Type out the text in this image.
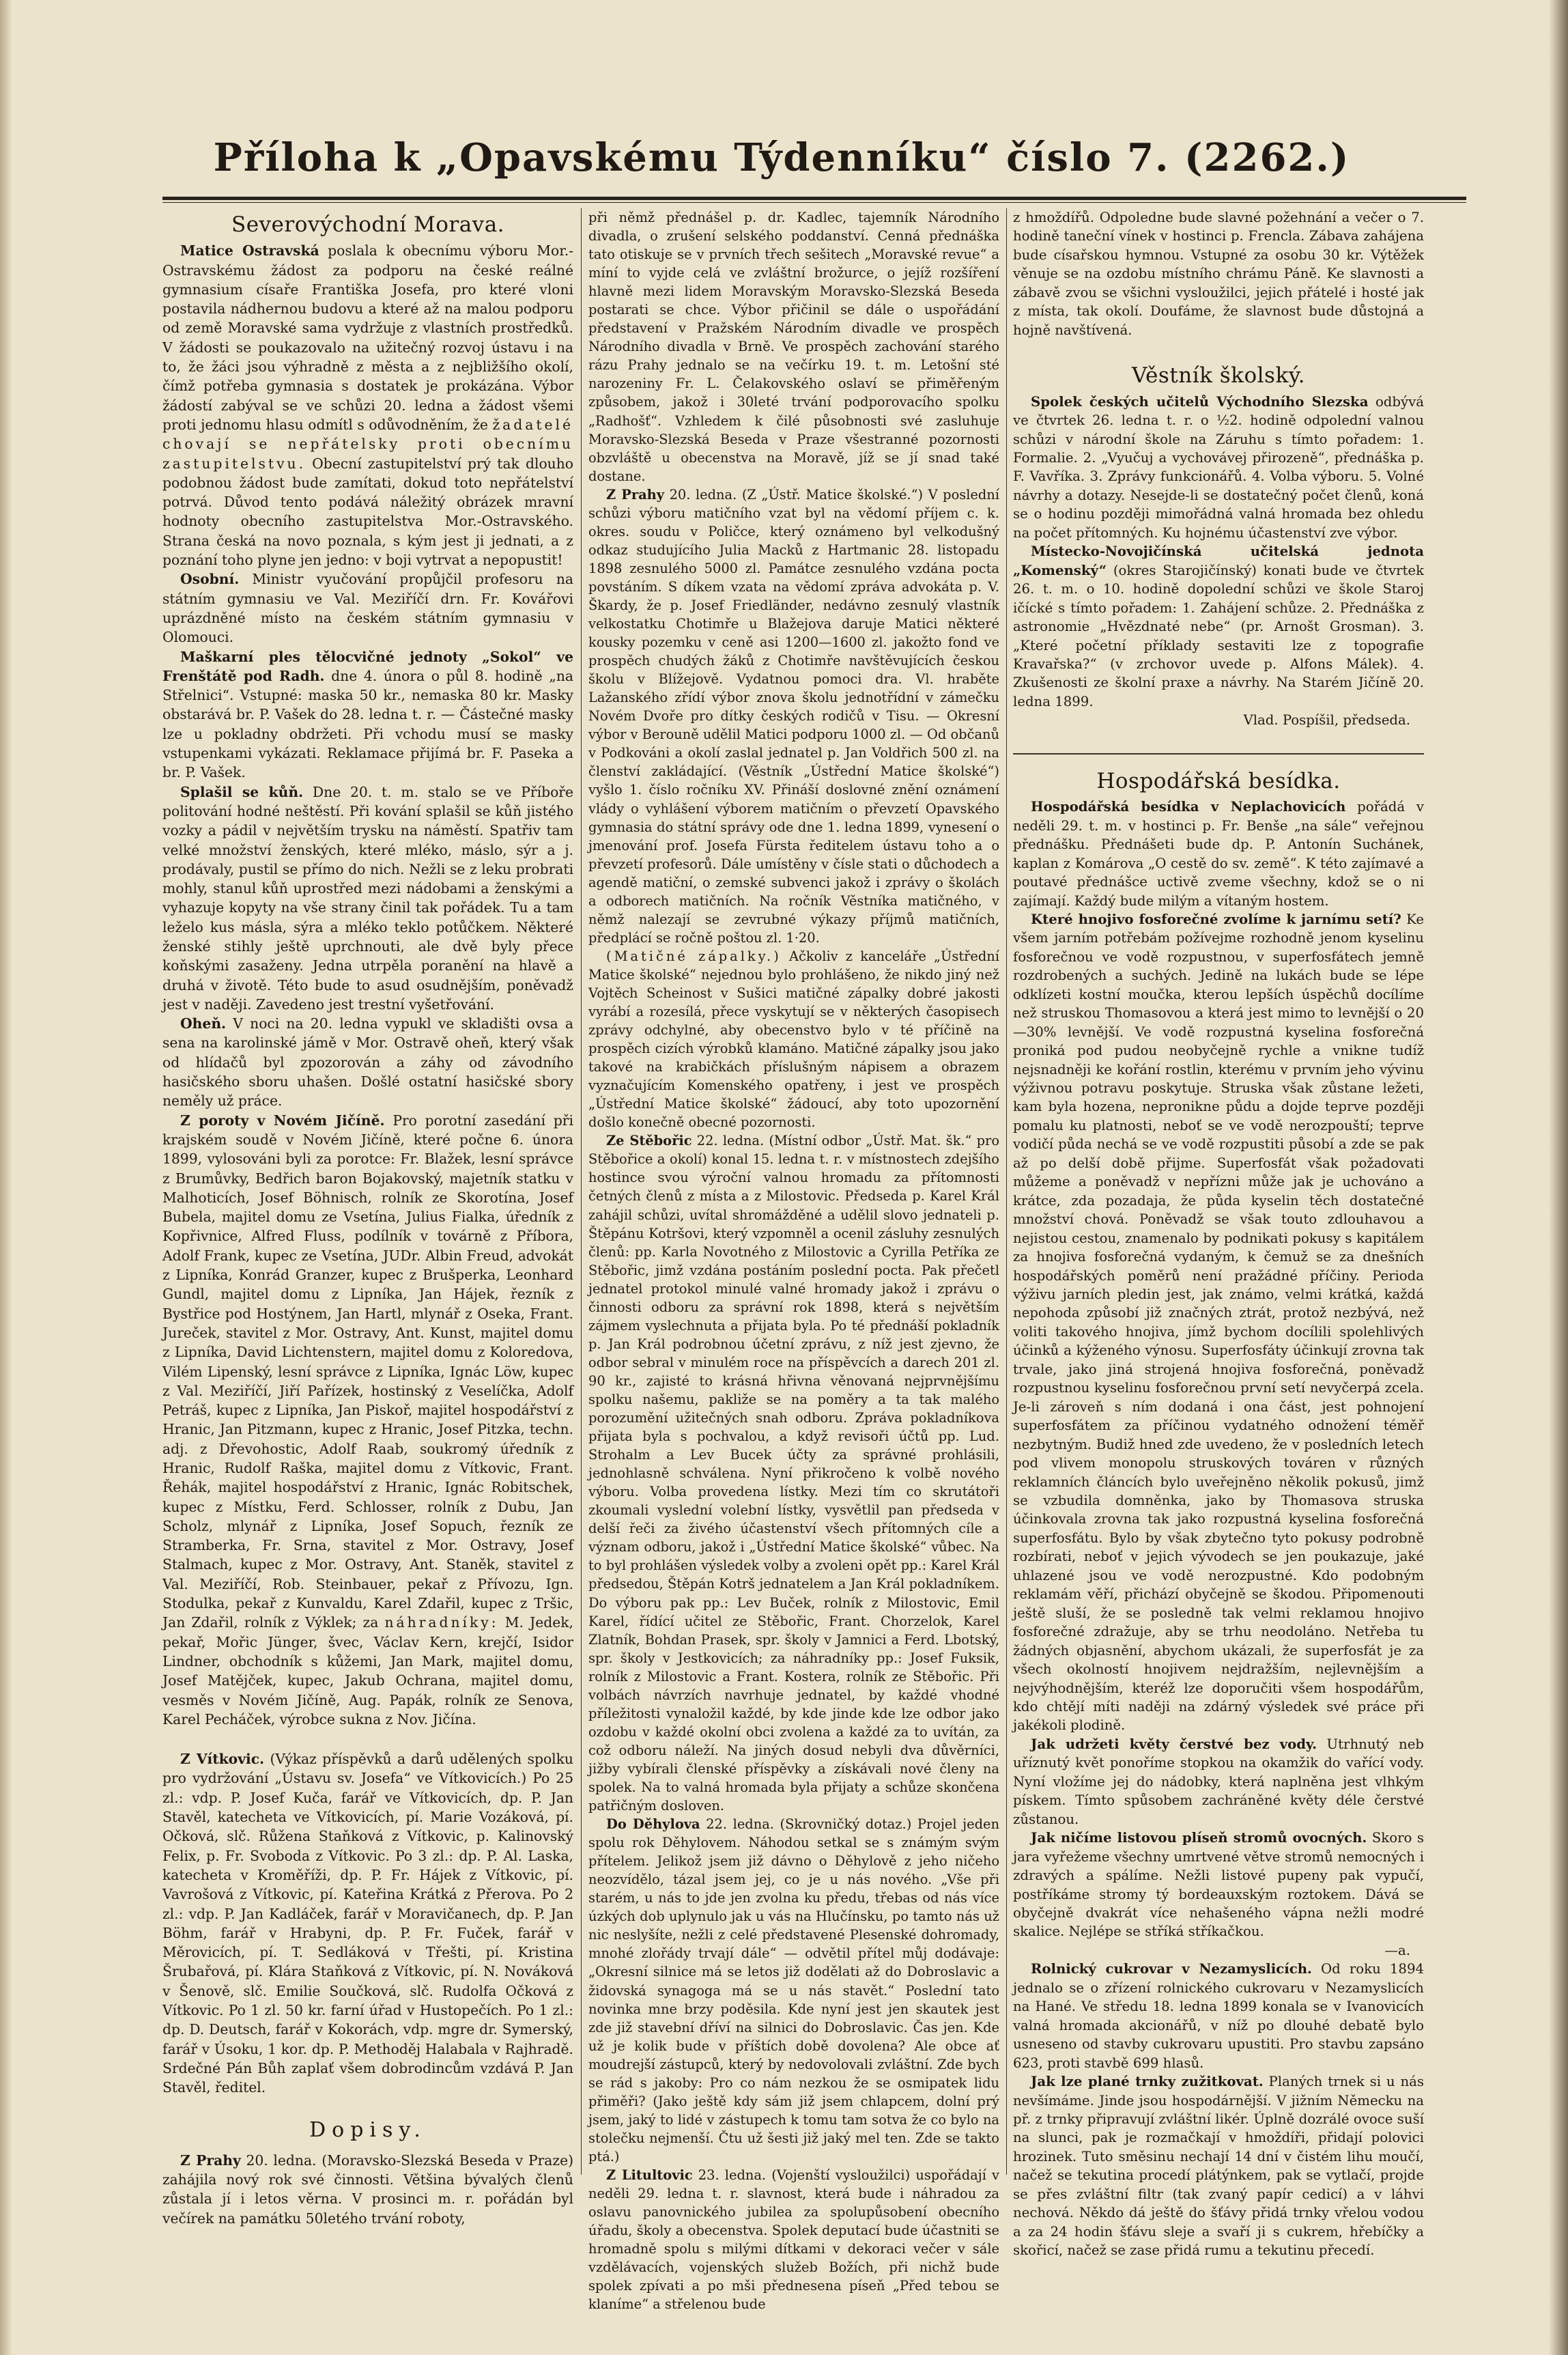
Příloha k „Opavskému Týdenníku“ číslo 7. (2262.)
Severovýchodní Morava.

Matice Ostravská poslala k obecnímu výboru Mor.-Ostravskému žádost za podporu na české reálné gymnasium císaře Františka Josefa, pro které vloni postavila nádhernou budovu a které až na malou podporu od země Moravské sama vydržuje z vlastních prostředků. V žádosti se poukazovalo na užitečný rozvoj ústavu i na to, že žáci jsou výhradně z města a z nejbližšího okolí, čímž potřeba gymnasia s dostatek je prokázána. Výbor žádostí zabýval se ve schůzi 20. ledna a žádost všemi proti jednomu hlasu odmítl s odůvodněním, že žadatelé chovají se nepřátelsky proti obecnímu zastupitelstvu. Obecní zastupitelství prý tak dlouho podobnou žádost bude zamítati, dokud toto nepřátelství potrvá. Důvod tento podává náležitý obrázek mravní hodnoty obecního zastupitelstva Mor.-Ostravského. Strana česká na novo poznala, s kým jest ji jednati, a z poznání toho plyne jen jedno: v boji vytrvat a nepopustit!

Osobní. Ministr vyučování propůjčil profesoru na státním gymnasiu ve Val. Meziříčí drn. Fr. Kovářovi uprázdněné místo na českém státním gymnasiu v Olomouci.

Maškarní ples tělocvičné jednoty „Sokol“ ve Frenštátě pod Radh. dne 4. února o půl 8. hodině „na Střelnici“. Vstupné: maska 50 kr., nemaska 80 kr. Masky obstarává br. P. Vašek do 28. ledna t. r. — Částečné masky lze u pokladny obdržeti. Při vchodu musí se masky vstupenkami vykázati. Reklamace přijímá br. F. Paseka a br. P. Vašek.

Splašil se kůň. Dne 20. t. m. stalo se ve Příboře politování hodné neštěstí. Při kování splašil se kůň jistého vozky a pádil v největším trysku na náměstí. Spatřiv tam velké množství ženských, které mléko, máslo, sýr a j. prodávaly, pustil se přímo do nich. Nežli se z leku probrati mohly, stanul kůň uprostřed mezi nádobami a ženskými a vyhazuje kopyty na vše strany činil tak pořádek. Tu a tam leželo kus másla, sýra a mléko teklo potůčkem. Některé ženské stihly ještě uprchnouti, ale dvě byly přece koňskými zasaženy. Jedna utrpěla poranění na hlavě a druhá v životě. Této bude to asud osudnějším, poněvadž jest v naději. Zavedeno jest trestní vyšetřování.

Oheň. V noci na 20. ledna vypukl ve skladišti ovsa a sena na karolinské jámě v Mor. Ostravě oheň, který však od hlídačů byl zpozorován a záhy od závodního hasičského sboru uhašen. Došlé ostatní hasičské sbory neměly už práce.

Z poroty v Novém Jičíně. Pro porotní zasedání při krajském soudě v Novém Jičíně, které počne 6. února 1899, vylosováni byli za porotce: Fr. Blažek, lesní správce z Brumůvky, Bedřich baron Bojakovský, majetník statku v Malhoticích, Josef Böhnisch, rolník ze Skorotína, Josef Bubela, majitel domu ze Vsetína, Julius Fialka, úředník z Kopřivnice, Alfred Fluss, podílník v továrně z Příbora, Adolf Frank, kupec ze Vsetína, JUDr. Albin Freud, advokát z Lipníka, Konrád Granzer, kupec z Brušperka, Leonhard Gundl, majitel domu z Lipníka, Jan Hájek, řezník z Bystřice pod Hostýnem, Jan Hartl, mlynář z Oseka, Frant. Jureček, stavitel z Mor. Ostravy, Ant. Kunst, majitel domu z Lipníka, David Lichtenstern, majitel domu z Koloredova, Vilém Lipenský, lesní správce z Lipníka, Ignác Löw, kupec z Val. Meziříčí, Jiří Pařízek, hostinský z Veselíčka, Adolf Petráš, kupec z Lipníka, Jan Piskoř, majitel hospodářství z Hranic, Jan Pitzmann, kupec z Hranic, Josef Pitzka, techn. adj. z Dřevohostic, Adolf Raab, soukromý úředník z Hranic, Rudolf Raška, majitel domu z Vítkovic, Frant. Řehák, majitel hospodářství z Hranic, Ignác Robitschek, kupec z Místku, Ferd. Schlosser, rolník z Dubu, Jan Scholz, mlynář z Lipníka, Josef Sopuch, řezník ze Stramberka, Fr. Srna, stavitel z Mor. Ostravy, Josef Stalmach, kupec z Mor. Ostravy, Ant. Staněk, stavitel z Val. Meziříčí, Rob. Steinbauer, pekař z Přívozu, Ign. Stodulka, pekař z Kunvaldu, Karel Zdařil, kupec z Tršic, Jan Zdařil, rolník z Výklek; za náhradníky: M. Jedek, pekař, Mořic Jünger, švec, Václav Kern, krejčí, Isidor Lindner, obchodník s kůžemi, Jan Mark, majitel domu, Josef Matějček, kupec, Jakub Ochrana, majitel domu, vesměs v Novém Jičíně, Aug. Papák, rolník ze Senova, Karel Pecháček, výrobce sukna z Nov. Jičína.

Z Vítkovic. (Výkaz příspěvků a darů udělených spolku pro vydržování „Ústavu sv. Josefa“ ve Vítkovicích.) Po 25 zl.: vdp. P. Josef Kuča, farář ve Vítkovicích, dp. P. Jan Stavěl, katecheta ve Vítkovicích, pí. Marie Vozáková, pí. Očková, slč. Růžena Staňková z Vítkovic, p. Kalinovský Felix, p. Fr. Svoboda z Vítkovic. Po 3 zl.: dp. P. Al. Laska, katecheta v Kroměříži, dp. P. Fr. Hájek z Vítkovic, pí. Vavrošová z Vítkovic, pí. Kateřina Krátká z Přerova. Po 2 zl.: vdp. P. Jan Kadláček, farář v Moravičanech, dp. P. Jan Böhm, farář v Hrabyni, dp. P. Fr. Fuček, farář v Měrovicích, pí. T. Sedláková v Třešti, pí. Kristina Šrubařová, pí. Klára Staňková z Vítkovic, pí. N. Nováková v Šenově, slč. Emilie Součková, slč. Rudolfa Očková z Vítkovic. Po 1 zl. 50 kr. farní úřad v Hustopečích. Po 1 zl.: dp. D. Deutsch, farář v Kokorách, vdp. mgre dr. Symerský, farář v Úsoku, 1 kor. dp. P. Methoděj Halabala v Rajhradě. Srdečné Pán Bůh zaplať všem dobrodincům vzdává P. Jan Stavěl, ředitel.

Dopisy.

Z Prahy 20. ledna. (Moravsko-Slezská Beseda v Praze) zahájila nový rok své činnosti. Většina bývalých členů zůstala jí i letos věrna. V prosinci m. r. pořádán byl večírek na památku 50letého trvání roboty,

při němž přednášel p. dr. Kadlec, tajemník Národního divadla, o zrušení selského poddanství. Cenná přednáška tato otiskuje se v prvních třech sešitech „Moravské revue“ a míní to vyjde celá ve zvláštní brožurce, o jejíž rozšíření hlavně mezi lidem Moravským Moravsko-Slezská Beseda postarati se chce. Výbor přičinil se dále o uspořádání představení v Pražském Národním divadle ve prospěch Národního divadla v Brně. Ve prospěch zachování starého rázu Prahy jednalo se na večírku 19. t. m. Letošní sté narozeniny Fr. L. Čelakovského oslaví se přiměřeným způsobem, jakož i 30leté trvání podporovacího spolku „Radhošť“. Vzhledem k čilé působnosti své zasluhuje Moravsko-Slezská Beseda v Praze všestranné pozornosti obzvláště u obecenstva na Moravě, jíž se jí snad také dostane.

Z Prahy 20. ledna. (Z „Ústř. Matice školské.“) V poslední schůzi výboru matičního vzat byl na vědomí příjem c. k. okres. soudu v Poličce, který oznámeno byl velkodušný odkaz studujícího Julia Macků z Hartmanic 28. listopadu 1898 zesnulého 5000 zl. Památce zesnulého vzdána pocta povstáním. S díkem vzata na vědomí zpráva advokáta p. V. Škardy, že p. Josef Friedländer, nedávno zesnulý vlastník velkostatku Chotimře u Blažejova daruje Matici některé kousky pozemku v ceně asi 1200—1600 zl. jakožto fond ve prospěch chudých žáků z Chotimře navštěvujících českou školu v Blížejově. Vydatnou pomoci dra. Vl. hraběte Lažanského zřídí výbor znova školu jednotřídní v zámečku Novém Dvoře pro dítky českých rodičů v Tisu. — Okresní výbor v Berouně udělil Matici podporu 1000 zl. — Od občanů v Podkováni a okolí zaslal jednatel p. Jan Voldřich 500 zl. na členství zakládající. (Věstník „Ústřední Matice školské“) vyšlo 1. číslo ročníku XV. Přináší doslovné znění oznámení vlády o vyhlášení výborem matičním o převzetí Opavského gymnasia do státní správy ode dne 1. ledna 1899, vynesení o jmenování prof. Josefa Fürsta ředitelem ústavu toho a o převzetí profesorů. Dále umístěny v čísle stati o důchodech a agendě matiční, o zemské subvenci jakož i zprávy o školách a odborech matičních. Na ročník Věstníka matičného, v němž nalezají se zevrubné výkazy příjmů matičních, předplácí se ročně poštou zl. 1·20.

(Matičné zápalky.) Ačkoliv z kanceláře „Ústřední Matice školské“ nejednou bylo prohlášeno, že nikdo jiný než Vojtěch Scheinost v Sušici matičné zápalky dobré jakosti vyrábí a rozesílá, přece vyskytují se v některých časopisech zprávy odchylné, aby obecenstvo bylo v té příčině na prospěch cizích výrobků klamáno. Matičné zápalky jsou jako takové na krabičkách příslušným nápisem a obrazem vyznačujícím Komenského opatřeny, i jest ve prospěch „Ústřední Matice školské“ žádoucí, aby toto upozornění došlo konečně obecné pozornosti.

Ze Stěbořic 22. ledna. (Místní odbor „Ústř. Mat. šk.“ pro Stěbořice a okolí) konal 15. ledna t. r. v místnostech zdejšího hostince svou výroční valnou hromadu za přítomnosti četných členů z místa a z Milostovic. Předseda p. Karel Král zahájil schůzi, uvítal shromážděné a udělil slovo jednateli p. Štěpánu Kotršovi, který vzpomněl a ocenil zásluhy zesnulých členů: pp. Karla Novotného z Milostovic a Cyrilla Petříka ze Stěbořic, jimž vzdána postáním poslední pocta. Pak přečetl jednatel protokol minulé valné hromady jakož i zprávu o činnosti odboru za správní rok 1898, která s největším zájmem vyslechnuta a přijata byla. Po té přednáší pokladník p. Jan Král podrobnou účetní zprávu, z níž jest zjevno, že odbor sebral v minulém roce na příspěvcích a darech 201 zl. 90 kr., zajisté to krásná hřivna věnovaná nejprvnějšímu spolku našemu, pakliže se na poměry a ta tak malého porozumění užitečných snah odboru. Zpráva pokladníkova přijata byla s pochvalou, a když revisoři účtů pp. Lud. Strohalm a Lev Bucek účty za správné prohlásili, jednohlasně schválena. Nyní přikročeno k volbě nového výboru. Volba provedena lístky. Mezi tím co skrutátoři zkoumali vyslední volební lístky, vysvětlil pan předseda v delší řeči za živého účastenství všech přítomných cíle a význam odboru, jakož i „Ústřední Matice školské“ vůbec. Na to byl prohlášen výsledek volby a zvoleni opět pp.: Karel Král předsedou, Štěpán Kotrš jednatelem a Jan Král pokladníkem. Do výboru pak pp.: Lev Buček, rolník z Milostovic, Emil Karel, řídící učitel ze Stěbořic, Frant. Chorzelok, Karel Zlatník, Bohdan Prasek, spr. školy v Jamnici a Ferd. Lbotský, spr. školy v Jestkovicích; za náhradníky pp.: Josef Fuksik, rolník z Milostovic a Frant. Kostera, rolník ze Stěbořic. Při volbách návrzích navrhuje jednatel, by každé vhodné příležitosti vynaložil každé, by kde jinde kde lze odbor jako ozdobu v každé okolní obci zvolena a každé za to uvítán, za což odboru náleží. Na jiných dosud nebyli dva důvěrníci, jižby vybírali členské příspěvky a získávali nové členy na spolek. Na to valná hromada byla přijaty a schůze skončena patřičným dosloven.

Do Děhylova 22. ledna. (Skrovničký dotaz.) Projel jeden spolu rok Děhylovem. Náhodou setkal se s známým svým přítelem. Jelikož jsem již dávno o Děhylově z jeho ničeho neozvídělo, tázal jsem jej, co je u nás nového. „Vše při starém, u nás to jde jen zvolna ku předu, třebas od nás více úzkých dob uplynulo jak u vás na Hlučínsku, po tamto nás už nic neslyšíte, nežli z celé představené Plesenské dohromady, mnohé zlořády trvají dále“ — odvětil přítel můj dodávaje: „Okresní silnice má se letos již dodělati až do Dobroslavic a židovská synagoga má se u nás stavět.“ Poslední tato novinka mne brzy poděsila. Kde nyní jest jen skautek jest zde již stavební dříví na silnici do Dobroslavic. Čas jen. Kde už je kolik bude v příštích době dovolena? Ale obce ať moudrejší zástupců, který by nedovolovali zvláštní. Zde bych se rád s jakoby: Pro co nám nezkou že se osmipatek lidu přiměři? (Jako ještě kdy sám již jsem chlapcem, dolní prý jsem, jaký to lidé v zástupech k tomu tam sotva že co bylo na stolečku nejmenší. Čtu už šesti již jaký mel ten. Zde se takto ptá.)

Z Litultovic 23. ledna. (Vojenští vysloužilci) uspořádají v neděli 29. ledna t. r. slavnost, která bude i náhradou za oslavu panovnického jubilea za spolupůsobení obecního úřadu, školy a obecenstva. Spolek deputací bude účastniti se hromadně spolu s milými dítkami v dekoraci večer v sále vzdělávacích, vojenských služeb Božích, při nichž bude spolek zpívati a po mši přednesena píseň „Před tebou se klaníme“ a střelenou bude

z hmoždířů. Odpoledne bude slavné požehnání a večer o 7. hodině taneční vínek v hostinci p. Frencla. Zábava zahájena bude císařskou hymnou. Vstupné za osobu 30 kr. Výtěžek věnuje se na ozdobu místního chrámu Páně. Ke slavnosti a zábavě zvou se všichni vysloužilci, jejich přátelé i hosté jak z místa, tak okolí. Doufáme, že slavnost bude důstojná a hojně navštívená.

Věstník školský.

Spolek českých učitelů Východního Slezska odbývá ve čtvrtek 26. ledna t. r. o ½2. hodině odpolední valnou schůzi v národní škole na Záruhu s tímto pořadem: 1. Formalie. 2. „Vyučuj a vychovávej přirozeně“, přednáška p. F. Vavříka. 3. Zprávy funkcionářů. 4. Volba výboru. 5. Volné návrhy a dotazy. Nesejde-li se dostatečný počet členů, koná se o hodinu později mimořádná valná hromada bez ohledu na počet přítomných. Ku hojnému účastenství zve výbor.

Místecko-Novojičínská učitelská jednota „Komenský“ (okres Starojičínský) konati bude ve čtvrtek 26. t. m. o 10. hodině dopolední schůzi ve škole Staroj ičícké s tímto pořadem: 1. Zahájení schůze. 2. Přednáška z astronomie „Hvězdnaté nebe“ (pr. Arnošt Grosman). 3. „Které početní příklady sestaviti lze z topografie Kravařska?“ (v zrchovor uvede p. Alfons Málek). 4. Zkušenosti ze školní praxe a návrhy. Na Starém Jičíně 20. ledna 1899.

Vlad. Pospíšil, předseda.

Hospodářská besídka.

Hospodářská besídka v Neplachovicích pořádá v neděli 29. t. m. v hostinci p. Fr. Benše „na sále“ veřejnou přednášku. Přednášeti bude dp. P. Antonín Suchánek, kaplan z Komárova „O cestě do sv. země“. K této zajímavé a poutavé přednášce uctivě zveme všechny, kdož se o ni zajímají. Každý bude milým a vítaným hostem.

Které hnojivo fosforečné zvolíme k jarnímu setí? Ke všem jarním potřebám požívejme rozhodně jenom kyselinu fosforečnou ve vodě rozpustnou, v superfosfátech jemně rozdrobených a suchých. Jedině na lukách bude se lépe odklízeti kostní moučka, kterou lepších úspěchů docílíme než struskou Thomasovou a která jest mimo to levnější o 20—30% levnější. Ve vodě rozpustná kyselina fosforečná proniká pod pudou neobyčejně rychle a vnikne tudíž nejsnadněji ke kořání rostlin, kterému v prvním jeho vývinu výživnou potravu poskytuje. Struska však zůstane ležeti, kam byla hozena, nepronikne půdu a dojde teprve později pomalu ku platnosti, neboť se ve vodě nerozpouští; teprve vodičí půda nechá se ve vodě rozpustiti působí a zde se pak až po delší době přijme. Superfosfát však požadovati můžeme a poněvadž v nepřízni může jak je uchováno a krátce, zda pozadaja, že půda kyselin těch dostatečné množství chová. Poněvadž se však touto zdlouhavou a nejistou cestou, znamenalo by podnikati pokusy s kapitálem za hnojiva fosforečná vydaným, k čemuž se za dnešních hospodářských poměrů není pražádné příčiny. Perioda výživu jarních pledin jest, jak známo, velmi krátká, každá nepohoda způsobí již značných ztrát, protož nezbývá, než voliti takového hnojiva, jímž bychom docílili spolehlivých účinků a kýženého výnosu. Superfosfáty účinkují zrovna tak trvale, jako jiná strojená hnojiva fosforečná, poněvadž rozpustnou kyselinu fosforečnou první setí nevyčerpá zcela. Je-li zároveň s ním dodaná i ona část, jest pohnojení superfosfátem za příčinou vydatného odnožení téměř nezbytným. Budiž hned zde uvedeno, že v posledních letech pod vlivem monopolu struskových továren v různých reklamních článcích bylo uveřejněno několik pokusů, jimž se vzbudila domněnka, jako by Thomasova struska účinkovala zrovna tak jako rozpustná kyselina fosforečná superfosfátu. Bylo by však zbytečno tyto pokusy podrobně rozbírati, neboť v jejich vývodech se jen poukazuje, jaké uhlazené jsou ve vodě nerozpustné. Kdo podobným reklamám věří, přichází obyčejně se škodou. Připomenouti ještě sluší, že se posledně tak velmi reklamou hnojivo fosforečné zdražuje, aby se trhu neodoláno. Netřeba tu žádných objasnění, abychom ukázali, že superfosfát je za všech okolností hnojivem nejdražším, nejlevnějším a nejvýhodnějším, kteréž lze doporučiti všem hospodářům, kdo chtějí míti naději na zdárný výsledek své práce při jakékoli plodině.

Jak udržeti květy čerstvé bez vody. Utrhnutý neb uříznutý květ ponoříme stopkou na okamžik do vařící vody. Nyní vložíme jej do nádobky, která naplněna jest vlhkým pískem. Tímto spůsobem zachráněné květy déle čerstvé zůstanou.

Jak ničíme listovou plíseň stromů ovocných. Skoro s jara vyřežeme všechny umrtvené větve stromů nemocných i zdravých a spálíme. Nežli listové pupeny pak vypučí, postříkáme stromy tý bordeauxským roztokem. Dává se obyčejně dvakrát více nehašeného vápna nežli modré skalice. Nejlépe se stříká stříkačkou.

—a.

Rolnický cukrovar v Nezamyslicích. Od roku 1894 jednalo se o zřízení rolnického cukrovaru v Nezamyslicích na Hané. Ve středu 18. ledna 1899 konala se v Ivanovicích valná hromada akcionářů, v níž po dlouhé debatě bylo usneseno od stavby cukrovaru upustiti. Pro stavbu zapsáno 623, proti stavbě 699 hlasů.

Jak lze plané trnky zužitkovat. Planých trnek si u nás nevšímáme. Jinde jsou hospodárnější. V jižním Německu na př. z trnky připravují zvláštní likér. Úplně dozrálé ovoce suší na slunci, pak je rozmačkají v hmoždíři, přidají polovici hrozinek. Tuto směsinu nechají 14 dní v čistém lihu moučí, načež se tekutina procedí plátýnkem, pak se vytlačí, projde se přes zvláštní filtr (tak zvaný papír cedicí) a v láhvi nechová. Někdo dá ještě do šťávy přidá trnky vřelou vodou a za 24 hodin šťávu sleje a svaří ji s cukrem, hřebíčky a skořicí, načež se zase přidá rumu a tekutinu přecedí.
